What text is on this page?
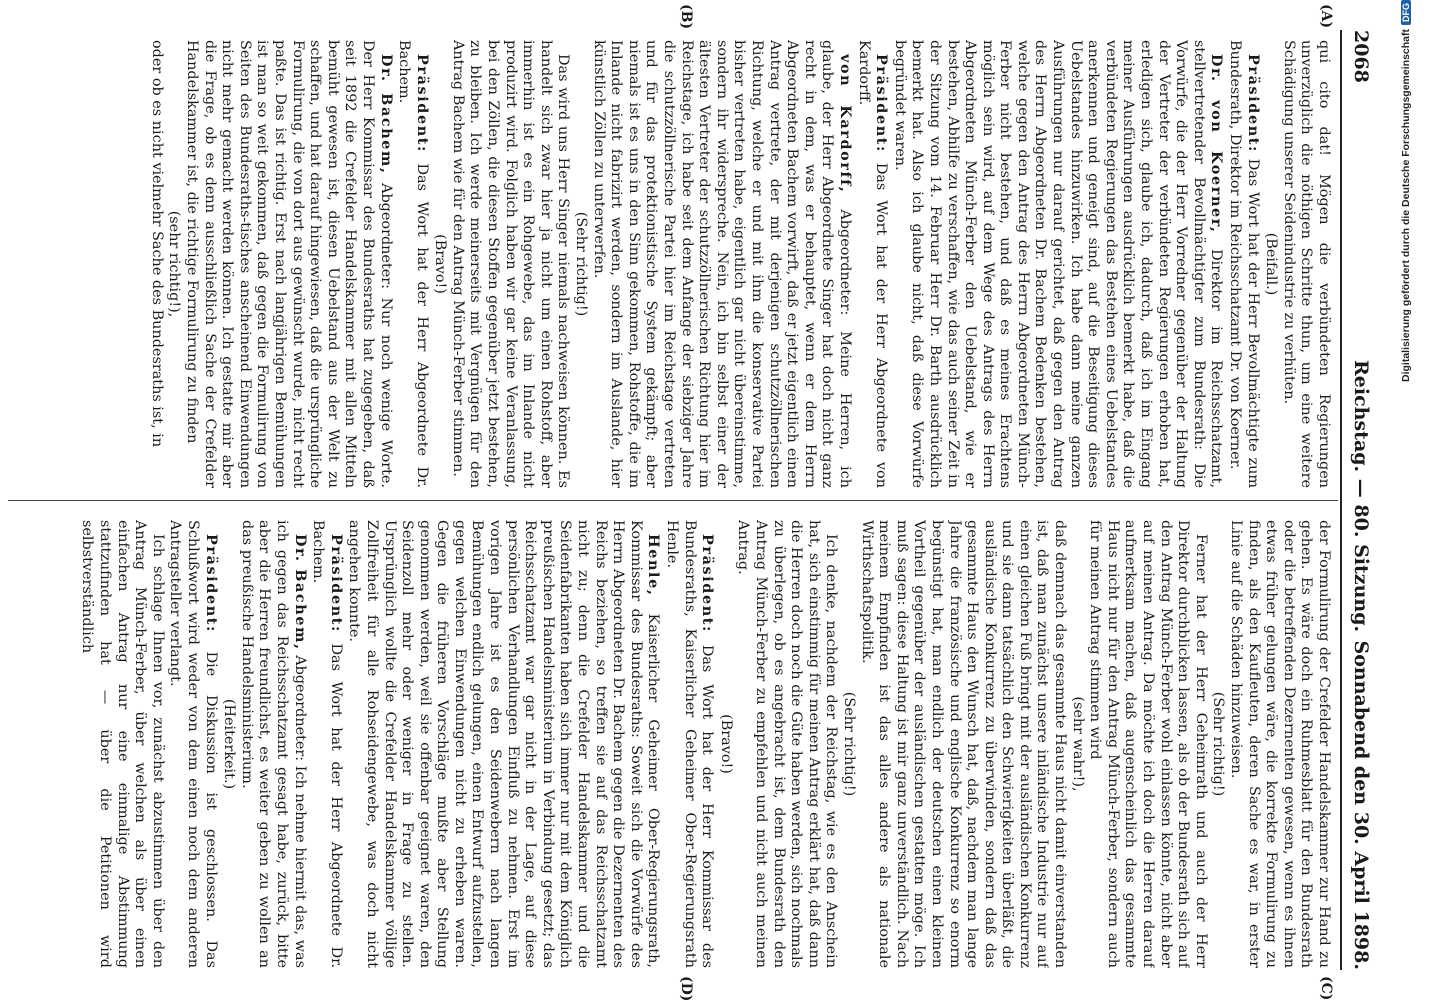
2068
Reichstag. — 80. Sitzung.
Sonnabend den 30. April 1898.
(A)
(B)
(C)
(D)

qui cito dat! Mögen die verbündeten Regierungen unverzüglich die nöthigen Schritte thun, um eine weitere Schädigung unserer Seidenindustrie zu verhüten.

(Beifall.)

Präsident: Das Wort hat der Herr Bevollmächtigte zum Bundesrath, Direktor im Reichsschatzamt Dr. von Koerner.

Dr. von Koerner, Direktor im Reichsschatzamt, stellvertretender Bevollmächtigter zum Bundesrath: Die Vorwürfe, die der Herr Vorredner gegenüber der Haltung der Vertreter der verbündeten Regierungen erhoben hat, erledigen sich, glaube ich, dadurch, daß ich im Eingang meiner Ausführungen ausdrücklich bemerkt habe, daß die verbündeten Regierungen das Bestehen eines Uebelstandes anerkennen und geneigt sind, auf die Beseitigung dieses Uebelstandes hinzuwirken. Ich habe dann meine ganzen Ausführungen nur darauf gerichtet, daß gegen den Antrag des Herrn Abgeordneten Dr. Bachem Bedenken bestehen, welche gegen den Antrag des Herrn Abgeordneten Münch-Ferber nicht bestehen, und daß es meines Erachtens möglich sein wird, auf dem Wege des Antrags des Herrn Abgeordneten Münch-Ferber den Uebelstand, wie er bestehen, Abhilfe zu verschaffen, wie das auch seiner Zeit in der Sitzung vom 14. Februar Herr Dr. Barth ausdrücklich bemerkt hat. Also ich glaube nicht, daß diese Vorwürfe begründet waren.

Präsident: Das Wort hat der Herr Abgeordnete von Kardorff.

von Kardorff, Abgeordneter: Meine Herren, ich glaube, der Herr Abgeordnete Singer hat doch nicht ganz recht in dem, was er behauptet, wenn er dem Herrn Abgeordneten Bachem vorwirft, daß er jetzt eigentlich einen Antrag vertrete, der mit derjenigen schutzzöllnerischen Richtung, welche er und mit ihm die konservative Partei bisher vertreten habe, eigentlich gar nicht übereinstimme, sondern ihr widerspreche. Nein, ich bin selbst einer der ältesten Vertreter der schutzzöllnerischen Richtung hier im Reichstage, ich habe seit dem Anfange der siebziger Jahre die schutzzöllnerische Partei hier im Reichstage vertreten und für das protektionistische System gekämpft; aber niemals ist es uns in den Sinn gekommen, Rohstoffe, die im Inlande nicht fabrizirt werden, sondern im Auslande, hier künstlich Zöllen zu unterwerfen.

(Sehr richtig!)

Das wird uns Herr Singer niemals nachweisen können. Es handelt sich zwar hier ja nicht um einen Rohstoff, aber immerhin ist es ein Rohgewebe, das im Inlande nicht produzirt wird. Folglich haben wir gar keine Veranlassung, bei den Zöllen, die diesen Stoffen gegenüber jetzt bestehen, zu bleiben. Ich werde meinerseits mit Vergnügen für den Antrag Bachem wie für den Antrag Münch-Ferber stimmen.

(Bravo!)

Präsident: Das Wort hat der Herr Abgeordnete Dr. Bachem.

Dr. Bachem, Abgeordneter: Nur noch wenige Worte. Der Herr Kommissar des Bundesraths hat zugegeben, daß seit 1892 die Crefelder Handelskammer mit allen Mitteln bemüht gewesen ist, diesen Uebelstand aus der Welt zu schaffen, und hat darauf hingewiesen, daß die ursprüngliche Formulirung, die von dort aus gewünscht wurde, nicht recht paßte. Das ist richtig. Erst nach langjährigen Bemühungen ist man so weit gekommen, daß gegen die Formulirung von Seiten des Bundesraths-tisches anscheinend Einwendungen nicht mehr gemacht werden können. Ich gestatte mir aber die Frage, ob es denn ausschließlich Sache der Crefelder Handelskammer ist, die richtige Formulirung zu finden

(sehr richtig!),

oder ob es nicht vielmehr Sache des Bundesraths ist, in

der Formulirung der Crefelder Handelskammer zur Hand zu gehen. Es wäre doch ein Ruhmesblatt für den Bundesrath oder die betreffenden Dezernenten gewesen, wenn es ihnen etwas früher gelungen wäre, die korrekte Formulirung zu finden, als den Kaufleuten, deren Sache es war, in erster Linie auf die Schäden hinzuweisen.

(Sehr richtig!)

Ferner hat der Herr Geheimrath und auch der Herr Direktor durchblicken lassen, als ob der Bundesrath sich auf den Antrag Münch-Ferber wohl einlassen könnte, nicht aber auf meinen Antrag. Da möchte ich doch die Herren darauf aufmerksam machen, daß augenscheinlich das gesammte Haus nicht nur für den Antrag Münch-Ferber, sondern auch für meinen Antrag stimmen wird

(sehr wahr!),

daß demnach das gesammte Haus nicht damit einverstanden ist, daß man zunächst unsere inländische Industrie nur auf einen gleichen Fuß bringt mit der ausländischen Konkurrenz und sie dann tatsächlich den Schwierigkeiten überläßt, die ausländische Konkurrenz zu überwinden, sondern daß das gesammte Haus den Wunsch hat, daß, nachdem man lange Jahre die französische und englische Konkurrenz so enorm begünstigt hat, man endlich der deutschen einen kleinen Vortheil gegenüber der ausländischen gestatten möge. Ich muß sagen: diese Haltung ist mir ganz unverständlich. Nach meinem Empfinden ist das alles andere als nationale Wirthschaftspolitik.

(Sehr richtig!)

Ich denke, nachdem der Reichstag, wie es den Anschein hat, sich einstimmig für meinen Antrag erklärt hat, daß dann die Herren doch noch die Güte haben werden, sich nochmals zu überlegen, ob es angebracht ist, dem Bundesrath den Antrag Münch-Ferber zu empfehlen und nicht auch meinen Antrag.

(Bravo!)

Präsident: Das Wort hat der Herr Kommissar des Bundesraths, Kaiserlicher Geheimer Ober-Regierungsrath Henle.

Henle, Kaiserlicher Geheimer Ober-Regierungsrath, Kommissar des Bundesraths: Soweit sich die Vorwürfe des Herrn Abgeordneten Dr. Bachem gegen die Dezernenten des Reichs beziehen, so treffen sie auf das Reichsschatzamt nicht zu; denn die Crefelder Handelskammer und die Seidenfabrikanten haben sich immer nur mit dem Königlich preußischen Handelsministerium in Verbindung gesetzt; das Reichsschatzamt war gar nicht in der Lage, auf diese persönlichen Verhandlungen Einfluß zu nehmen. Erst im vorigen Jahre ist es den Seidenwebern nach langen Bemühungen endlich gelungen, einen Entwurf aufzustellen, gegen welchen Einwendungen nicht zu erheben waren. Gegen die früheren Vorschläge mußte aber Stellung genommen werden, weil sie offenbar geeignet waren, den Seidenzoll mehr oder weniger in Frage zu stellen. Ursprünglich wollte die Crefelder Handelskammer völlige Zollfreiheit für alle Rohseidengewebe, was doch nicht angehen konnte.

Präsident: Das Wort hat der Herr Abgeordnete Dr. Bachem.

Dr. Bachem, Abgeordneter: Ich nehme hiermit das, was ich gegen das Reichsschatzamt gesagt habe, zurück, bitte aber die Herren freundlichst, es weiter geben zu wollen an das preußische Handelsministerium.

(Heiterkeit.)

Präsident: Die Diskussion ist geschlossen. Das Schlußwort wird weder von dem einen noch dem anderen Antragsteller verlangt.

Ich schlage Ihnen vor, zunächst abzustimmen über den Antrag Münch-Ferber, über welchen als über einen einfachen Antrag nur eine einmalige Abstimmung stattzufinden hat — über die Petitionen wird selbstverständlich

Digitalisierung gefördert durch die Deutsche ForschungsgemeinschaftDFG
